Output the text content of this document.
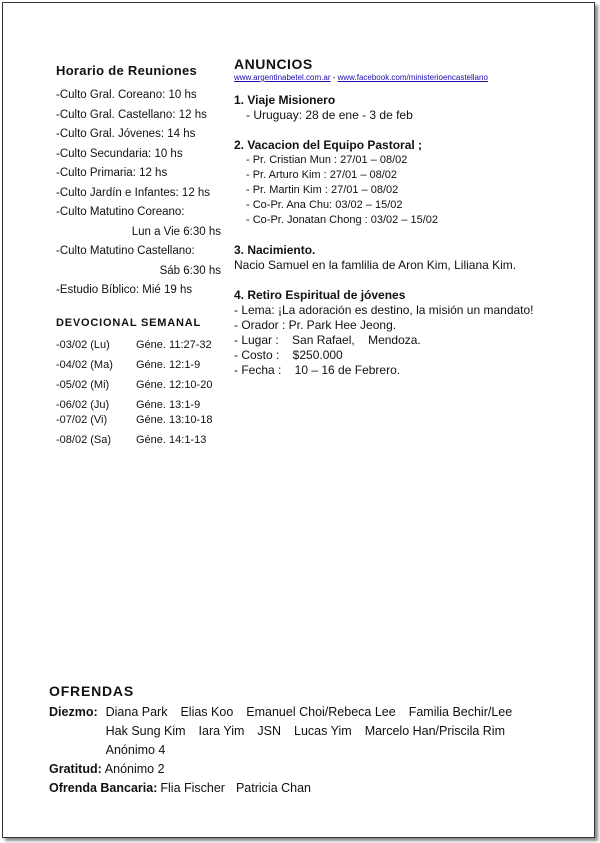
Horario de Reuniones
-Culto Gral. Coreano: 10 hs
-Culto Gral. Castellano: 12 hs
-Culto Gral. Jóvenes: 14 hs
-Culto Secundaria: 10 hs
-Culto Primaria: 12 hs
-Culto Jardín e Infantes: 12 hs
-Culto Matutino Coreano:
Lun a Vie 6:30 hs
-Culto Matutino Castellano:
Sáb 6:30 hs
-Estudio Bíblico: Mié 19 hs
DEVOCIONAL SEMANAL
-03/02 (Lu)	Géne. 11:27-32
-04/02 (Ma)	Géne. 12:1-9
-05/02 (Mi)	Géne. 12:10-20
-06/02 (Ju)	Géne. 13:1-9
-07/02 (Vi)	Géne. 13:10-18
-08/02 (Sa)	Géne. 14:1-13
ANUNCIOS
www.argentinabetel.com.ar - www.facebook.com/ministerioencastellano
1. Viaje Misionero
- Uruguay: 28 de ene - 3 de feb
2. Vacacion del Equipo Pastoral ;
- Pr. Cristian Mun : 27/01 – 08/02
- Pr. Arturo Kim : 27/01 – 08/02
- Pr. Martin Kim : 27/01 – 08/02
- Co-Pr. Ana Chu: 03/02 – 15/02
- Co-Pr. Jonatan Chong : 03/02 – 15/02
3. Nacimiento.
Nacio Samuel en la famlilia de Aron Kim, Liliana Kim.
4. Retiro Espiritual de jóvenes
- Lema: ¡La adoración es destino, la misión un mandato!
- Orador : Pr. Park Hee Jeong.
- Lugar :    San Rafael,    Mendoza.
- Costo :    $250.000
- Fecha :    10 – 16 de Febrero.
OFRENDAS
Diezmo: Diana Park Elias Koo Emanuel Choi/Rebeca Lee Familia Bechir/Lee
Hak Sung Kim Iara Yim JSN Lucas Yim Marcelo Han/Priscila Rim
Anónimo 4
Gratitud: Anónimo 2
Ofrenda Bancaria: Flia Fischer Patricia Chan
